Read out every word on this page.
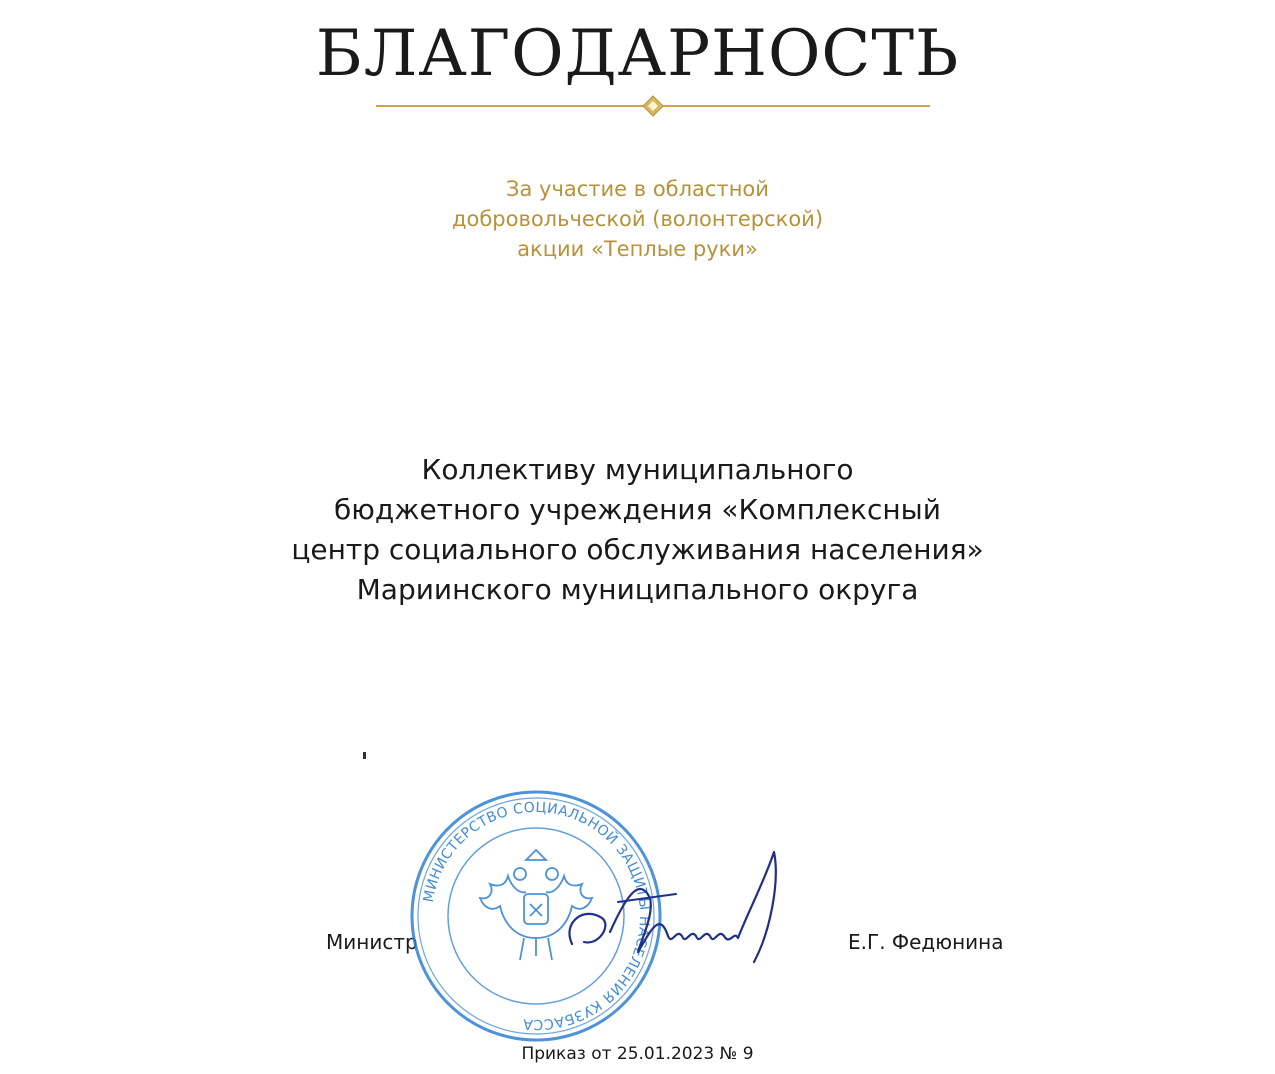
БЛАГОДАРНОСТЬ
За участие в областной
добровольческой (волонтерской)
акции «Теплые руки»
Коллективу муниципального
бюджетного учреждения «Комплексный
центр социального обслуживания населения»
Мариинского муниципального округа
Министр	Е.Г. Федюнина
МИНИСТЕРСТВО СОЦИАЛЬНОЙ ЗАЩИТЫ НАСЕЛЕНИЯ КУЗБАССА
Приказ от 25.01.2023 № 9
